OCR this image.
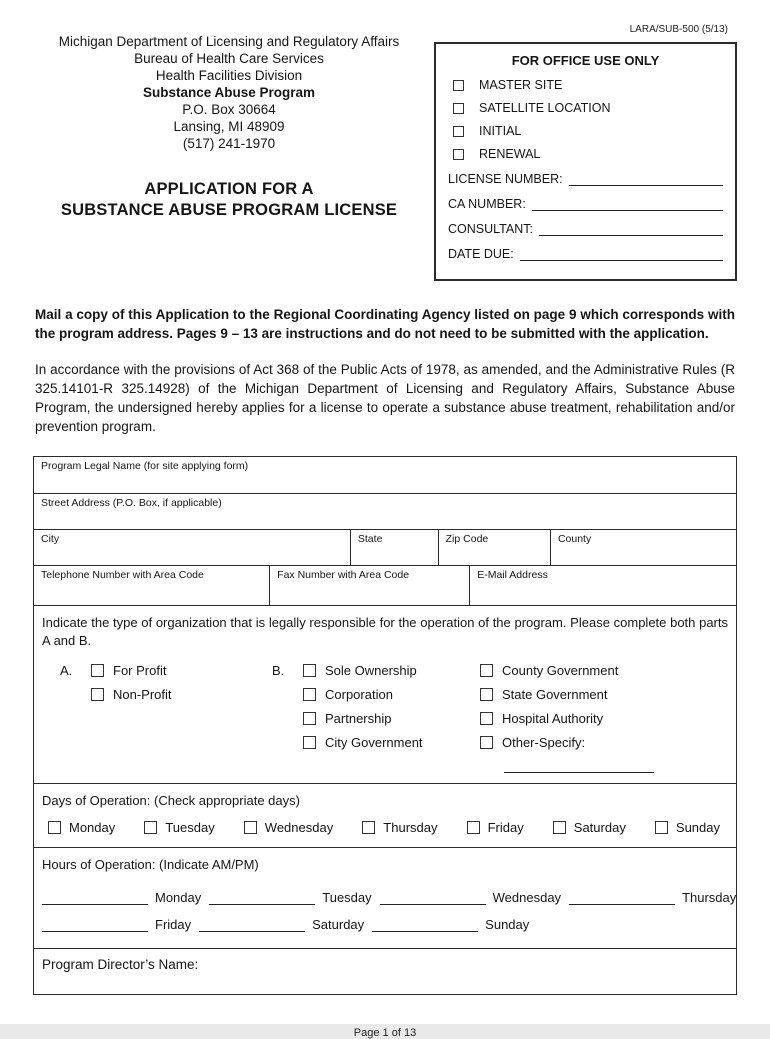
LARA/SUB-500 (5/13)
Michigan Department of Licensing and Regulatory Affairs
Bureau of Health Care Services
Health Facilities Division
Substance Abuse Program
P.O. Box 30664
Lansing, MI 48909
(517) 241-1970
APPLICATION FOR A
SUBSTANCE ABUSE PROGRAM LICENSE
FOR OFFICE USE ONLY
MASTER SITE
SATELLITE LOCATION
INITIAL
RENEWAL
LICENSE NUMBER:
CA NUMBER:
CONSULTANT:
DATE DUE:

Mail a copy of this Application to the Regional Coordinating Agency listed on page 9 which corresponds with the program address. Pages 9 – 13 are instructions and do not need to be submitted with the application.

In accordance with the provisions of Act 368 of the Public Acts of 1978, as amended, and the Administrative Rules (R 325.14101-R 325.14928) of the Michigan Department of Licensing and Regulatory Affairs, Substance Abuse Program, the undersigned hereby applies for a license to operate a substance abuse treatment, rehabilitation and/or prevention program.

Program Legal Name (for site applying form)
Street Address (P.O. Box, if applicable)
City	State	Zip Code	County
Telephone Number with Area Code	Fax Number with Area Code	E-Mail Address
Indicate the type of organization that is legally responsible for the operation of the program. Please complete both parts A and B.
A.	For Profit
Non-Profit
B.	Sole Ownership
Corporation
Partnership
City Government
County Government
State Government
Hospital Authority
Other-Specify:
Days of Operation: (Check appropriate days)
Monday	Tuesday	Wednesday	Thursday	Friday	Saturday	Sunday
Hours of Operation: (Indicate AM/PM)
Monday	Tuesday	Wednesday	Thursday
Friday	Saturday	Sunday
Program Director’s Name:
Page 1 of 13
